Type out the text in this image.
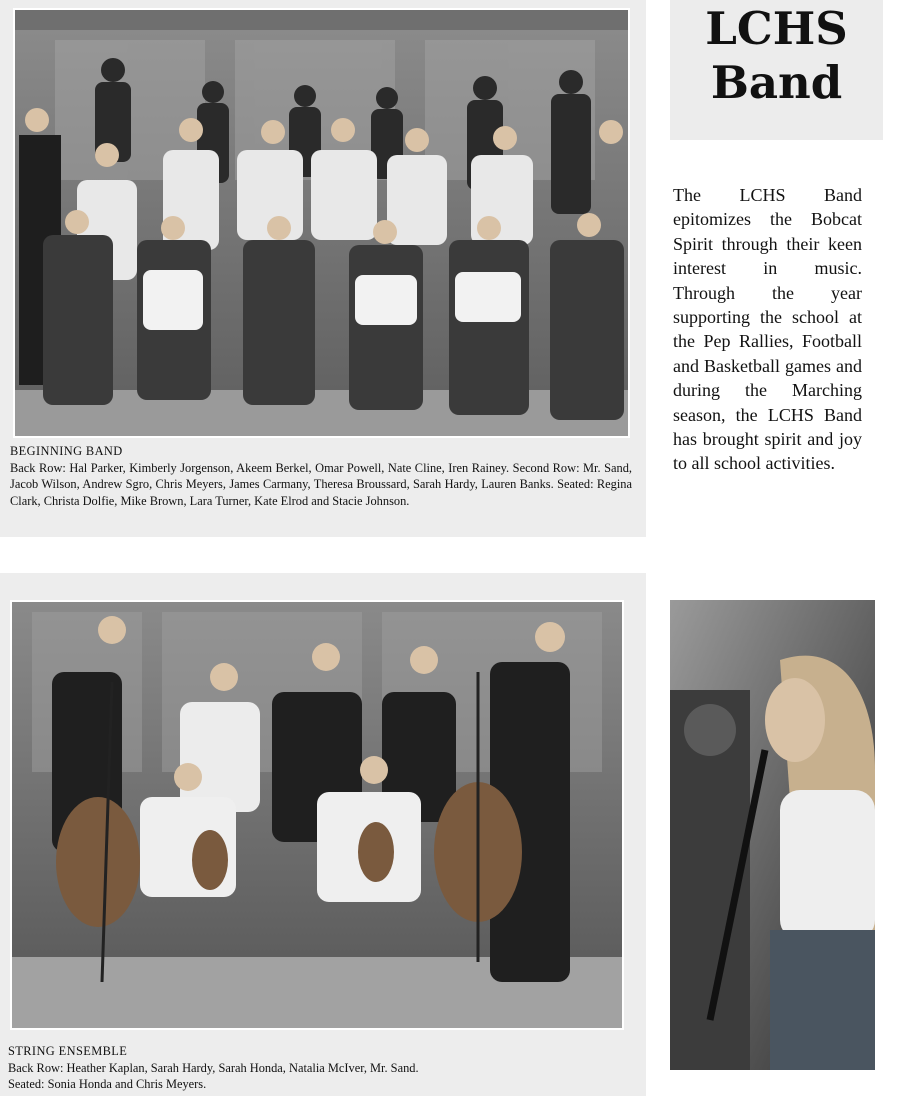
BEGINNING BAND
Back Row: Hal Parker, Kimberly Jorgenson, Akeem Berkel, Omar Powell, Nate Cline, Iren Rainey. Second Row: Mr. Sand, Jacob Wilson, Andrew Sgro, Chris Meyers, James Carmany, Theresa Broussard, Sarah Hardy, Lauren Banks. Seated: Regina Clark, Christa Dolfie, Mike Brown, Lara Turner, Kate Elrod and Stacie Johnson.
LCHS
Band
The LCHS Band epitomizes the Bobcat Spirit through their keen interest in music. Through the year supporting the school at the Pep Rallies, Football and Basketball games and during the Marching season, the LCHS Band has brought spirit and joy to all school activities.
STRING ENSEMBLE
Back Row: Heather Kaplan, Sarah Hardy, Sarah Honda, Natalia McIver, Mr. Sand.
Seated: Sonia Honda and Chris Meyers.
